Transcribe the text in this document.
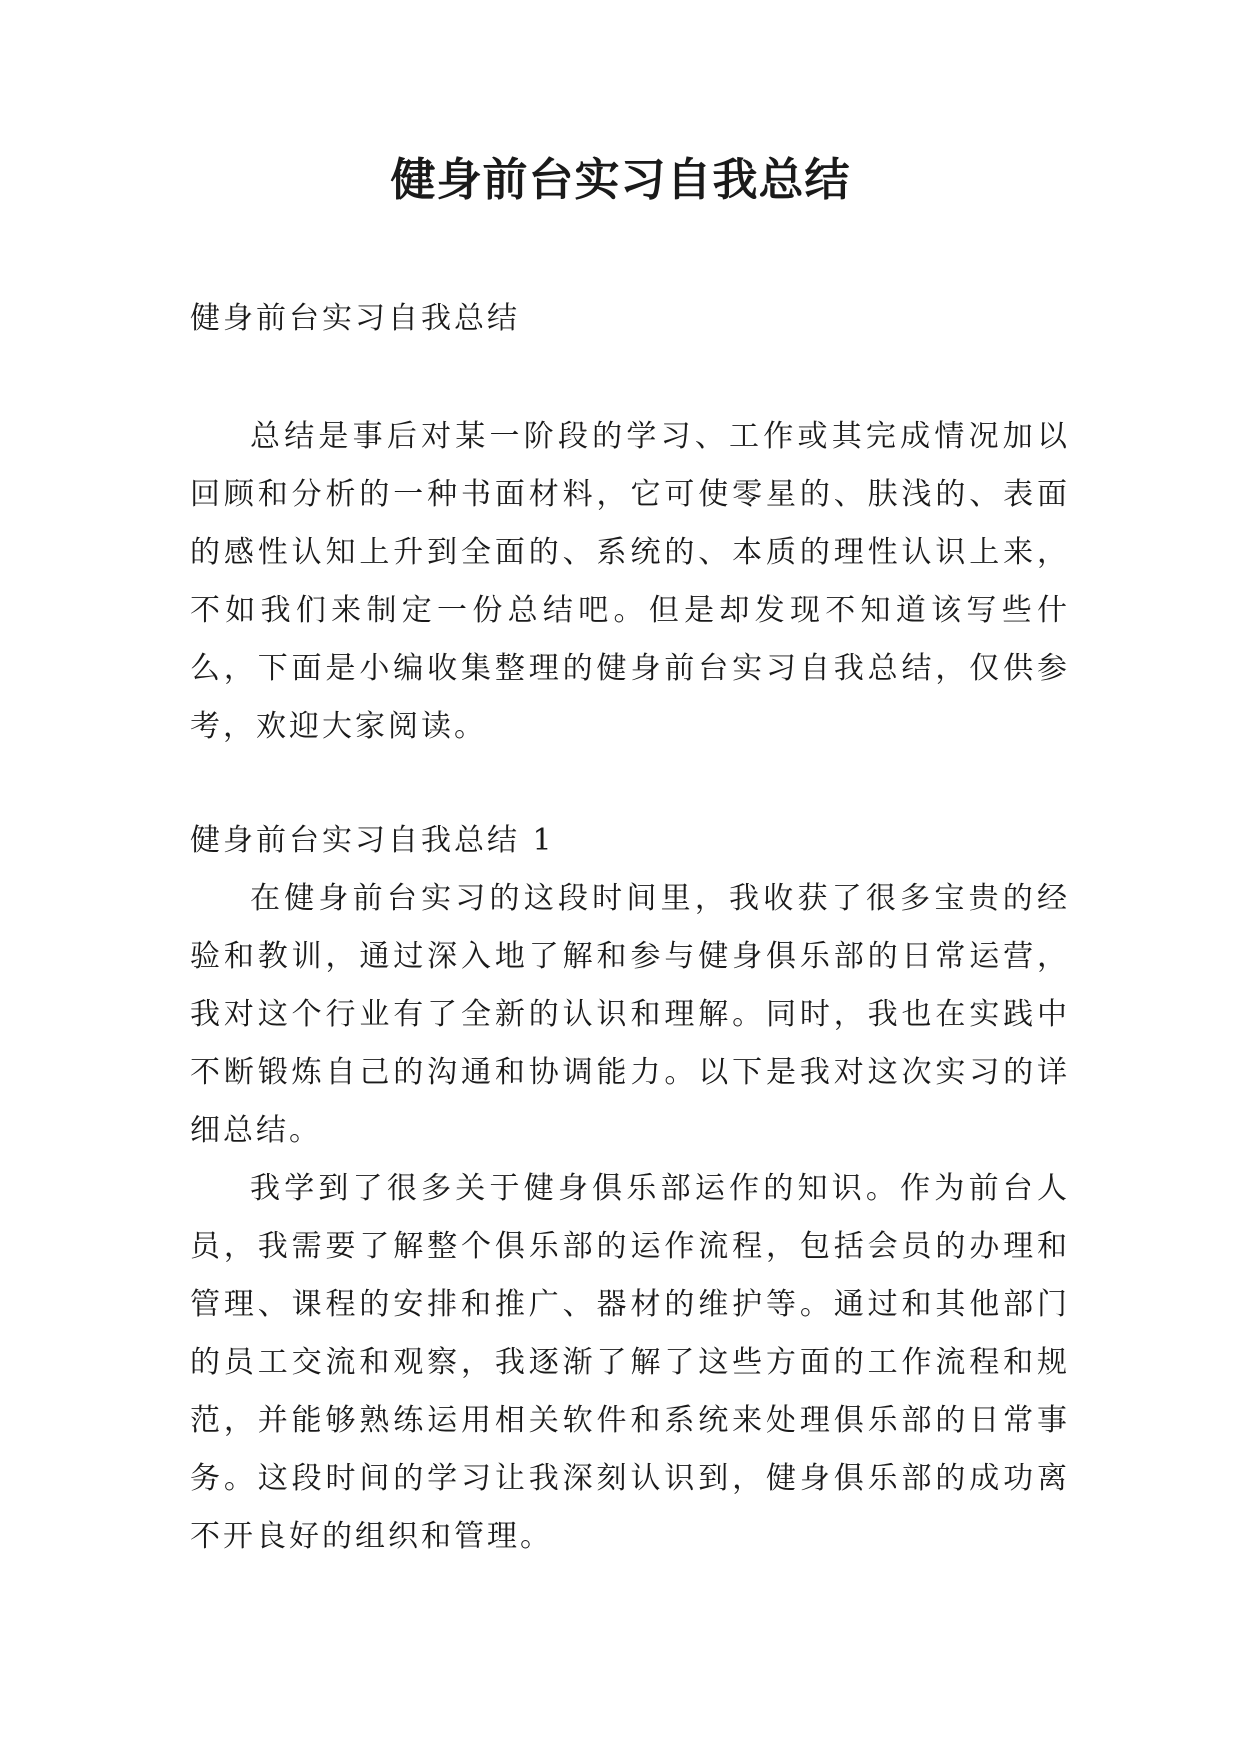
健身前台实习自我总结

健身前台实习自我总结

总结是事后对某一阶段的学习、工作或其完成情况加以回顾和分析的一种书面材料，它可使零星的、肤浅的、表面的感性认知上升到全面的、系统的、本质的理性认识上来，不如我们来制定一份总结吧。但是却发现不知道该写些什么，下面是小编收集整理的健身前台实习自我总结，仅供参考，欢迎大家阅读。

健身前台实习自我总结 1

在健身前台实习的这段时间里，我收获了很多宝贵的经验和教训，通过深入地了解和参与健身俱乐部的日常运营，我对这个行业有了全新的认识和理解。同时，我也在实践中不断锻炼自己的沟通和协调能力。以下是我对这次实习的详细总结。

我学到了很多关于健身俱乐部运作的知识。作为前台人员，我需要了解整个俱乐部的运作流程，包括会员的办理和管理、课程的安排和推广、器材的维护等。通过和其他部门的员工交流和观察，我逐渐了解了这些方面的工作流程和规范，并能够熟练运用相关软件和系统来处理俱乐部的日常事务。这段时间的学习让我深刻认识到，健身俱乐部的成功离不开良好的组织和管理。
